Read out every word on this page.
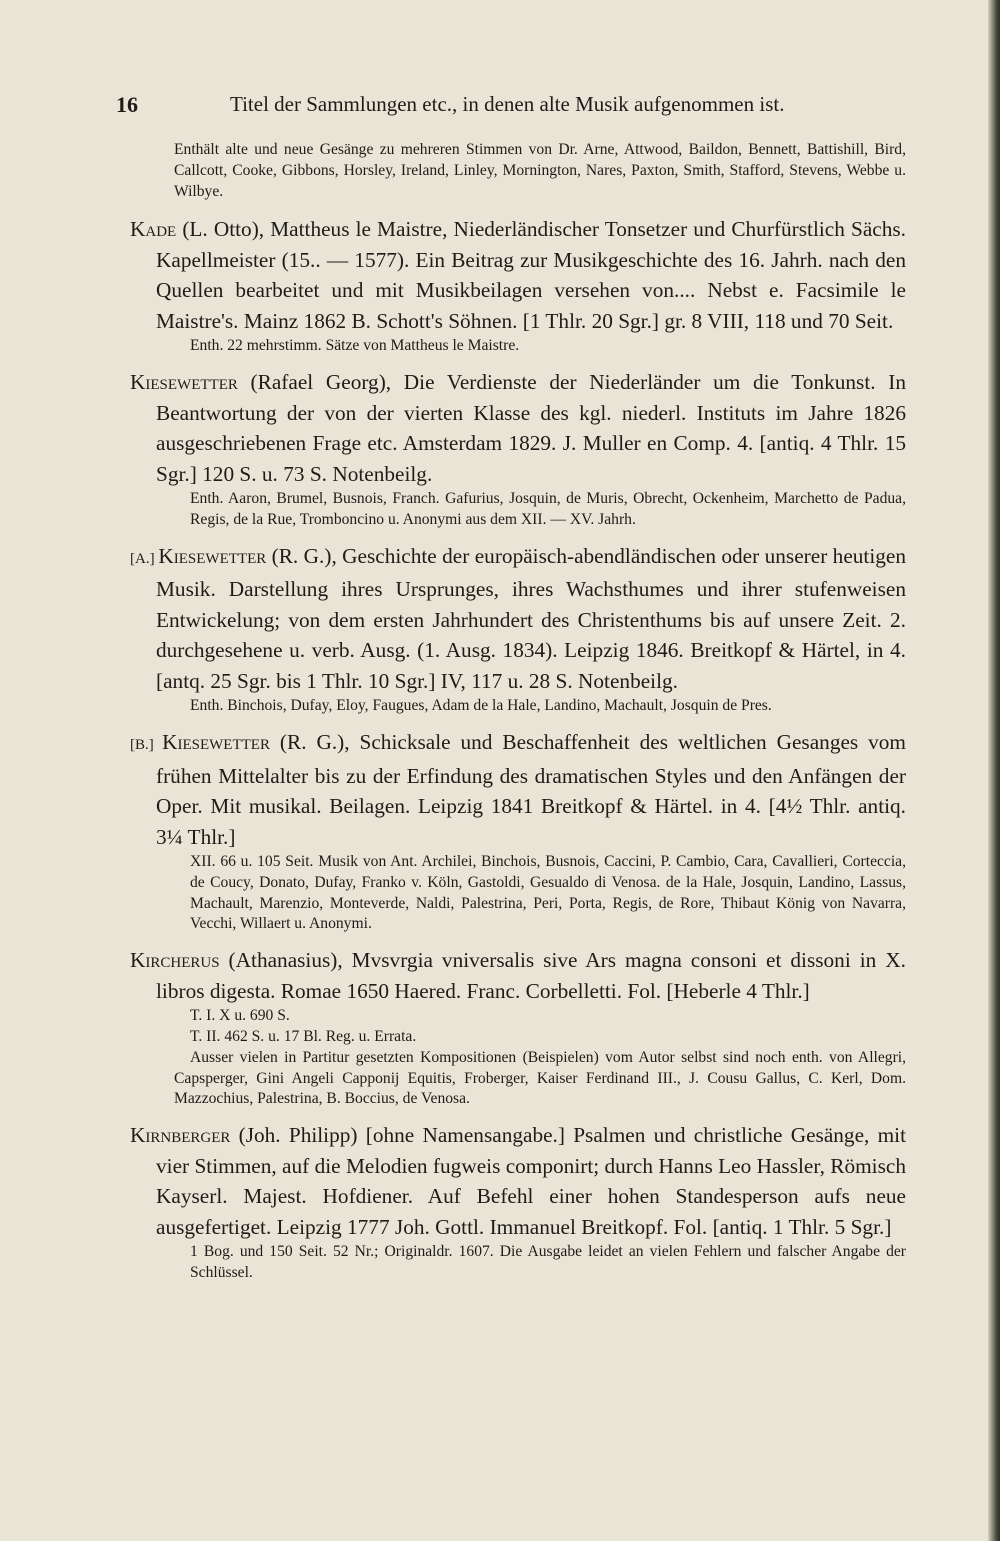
16	Titel der Sammlungen etc., in denen alte Musik aufgenommen ist.

Enthält alte und neue Gesänge zu mehreren Stimmen von Dr. Arne, Attwood, Baildon, Bennett, Battishill, Bird, Callcott, Cooke, Gibbons, Horsley, Ireland, Linley, Mornington, Nares, Paxton, Smith, Stafford, Stevens, Webbe u. Wilbye.

Kade (L. Otto), Mattheus le Maistre, Niederländischer Tonsetzer und Churfürstlich Sächs. Kapellmeister (15.. — 1577). Ein Beitrag zur Musikgeschichte des 16. Jahrh. nach den Quellen bearbeitet und mit Musikbeilagen versehen von.... Nebst e. Facsimile le Maistre's. Mainz 1862 B. Schott's Söhnen. [1 Thlr. 20 Sgr.] gr. 8 VIII, 118 und 70 Seit.

Enth. 22 mehrstimm. Sätze von Mattheus le Maistre.

Kiesewetter (Rafael Georg), Die Verdienste der Niederländer um die Tonkunst. In Beantwortung der von der vierten Klasse des kgl. niederl. Instituts im Jahre 1826 ausgeschriebenen Frage etc. Amsterdam 1829. J. Muller en Comp. 4. [antiq. 4 Thlr. 15 Sgr.] 120 S. u. 73 S. Notenbeilg.

Enth. Aaron, Brumel, Busnois, Franch. Gafurius, Josquin, de Muris, Obrecht, Ockenheim, Marchetto de Padua, Regis, de la Rue, Tromboncino u. Anonymi aus dem XII. — XV. Jahrh.

[A.] Kiesewetter (R. G.), Geschichte der europäisch-abendländischen oder unserer heutigen Musik. Darstellung ihres Ursprunges, ihres Wachsthumes und ihrer stufenweisen Entwickelung; von dem ersten Jahrhundert des Christenthums bis auf unsere Zeit. 2. durchgesehene u. verb. Ausg. (1. Ausg. 1834). Leipzig 1846. Breitkopf & Härtel, in 4. [antq. 25 Sgr. bis 1 Thlr. 10 Sgr.] IV, 117 u. 28 S. Notenbeilg.

Enth. Binchois, Dufay, Eloy, Faugues, Adam de la Hale, Landino, Machault, Josquin de Pres.

[B.] Kiesewetter (R. G.), Schicksale und Beschaffenheit des weltlichen Gesanges vom frühen Mittelalter bis zu der Erfindung des dramatischen Styles und den Anfängen der Oper. Mit musikal. Beilagen. Leipzig 1841 Breitkopf & Härtel. in 4. [4½ Thlr. antiq. 3¼ Thlr.]

XII. 66 u. 105 Seit. Musik von Ant. Archilei, Binchois, Busnois, Caccini, P. Cambio, Cara, Cavallieri, Corteccia, de Coucy, Donato, Dufay, Franko v. Köln, Gastoldi, Gesualdo di Venosa. de la Hale, Josquin, Landino, Lassus, Machault, Marenzio, Monteverde, Naldi, Palestrina, Peri, Porta, Regis, de Rore, Thibaut König von Navarra, Vecchi, Willaert u. Anonymi.

Kircherus (Athanasius), Mvsvrgia vniversalis sive Ars magna consoni et dissoni in X. libros digesta. Romae 1650 Haered. Franc. Corbelletti. Fol. [Heberle 4 Thlr.]

T. I. X u. 690 S.

T. II. 462 S. u. 17 Bl. Reg. u. Errata.

Ausser vielen in Partitur gesetzten Kompositionen (Beispielen) vom Autor selbst sind noch enth. von Allegri, Capsperger, Gini Angeli Capponij Equitis, Froberger, Kaiser Ferdinand III., J. Cousu Gallus, C. Kerl, Dom. Mazzochius, Palestrina, B. Boccius, de Venosa.

Kirnberger (Joh. Philipp) [ohne Namensangabe.] Psalmen und christliche Gesänge, mit vier Stimmen, auf die Melodien fugweis componirt; durch Hanns Leo Hassler, Römisch Kayserl. Majest. Hofdiener. Auf Befehl einer hohen Standesperson aufs neue ausgefertiget. Leipzig 1777 Joh. Gottl. Immanuel Breitkopf. Fol. [antiq. 1 Thlr. 5 Sgr.]

1 Bog. und 150 Seit. 52 Nr.; Originaldr. 1607. Die Ausgabe leidet an vielen Fehlern und falscher Angabe der Schlüssel.
